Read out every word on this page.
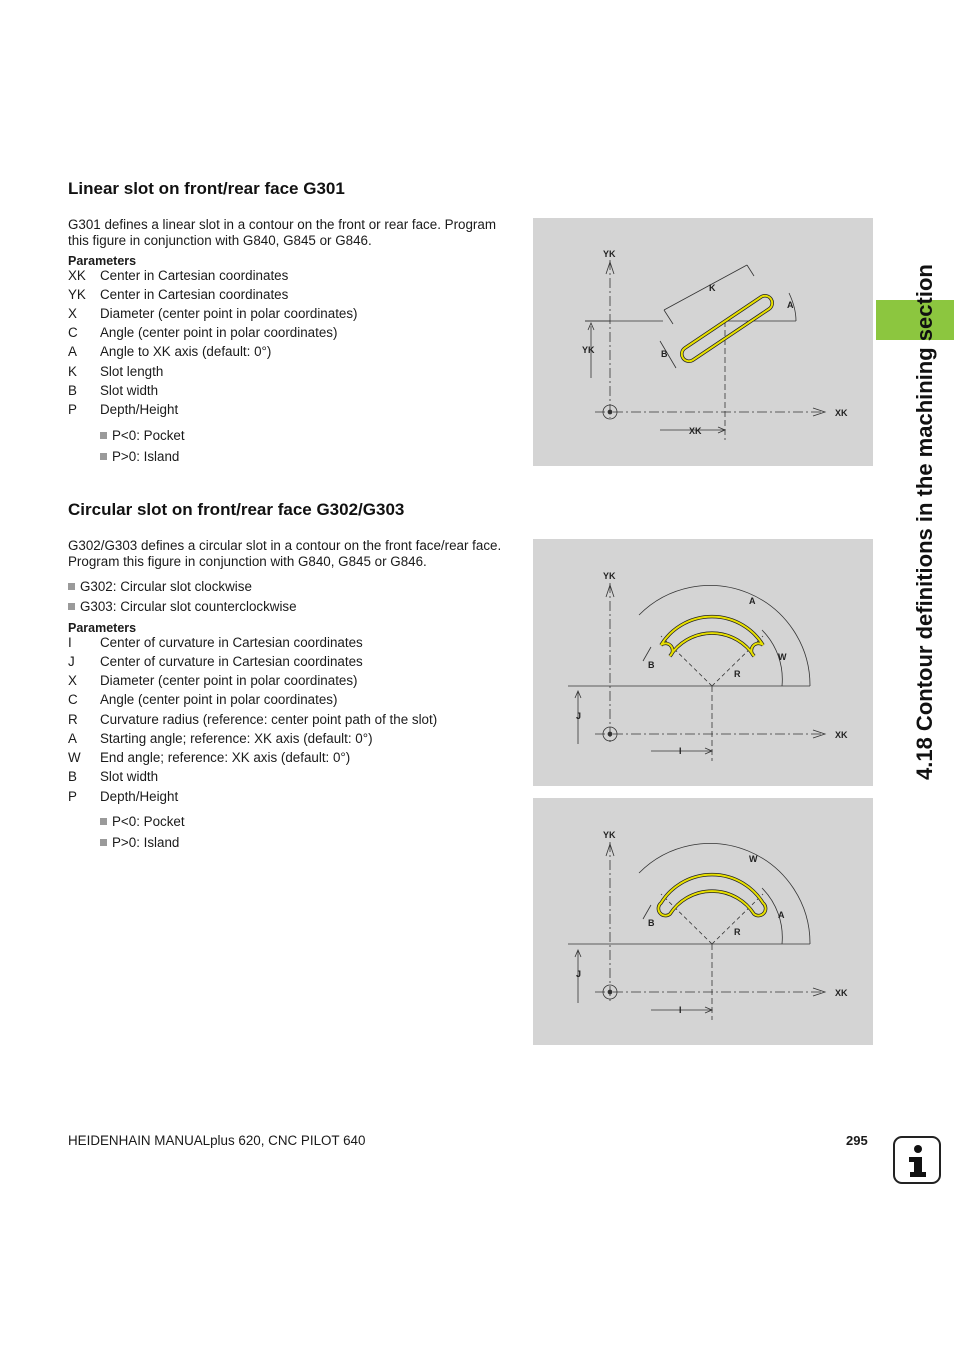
Linear slot on front/rear face G301

G301 defines a linear slot in a contour on the front or rear face. Program this figure in conjunction with G840, G845 or G846.

Parameters
XK Center in Cartesian coordinates
YK Center in Cartesian coordinates
X Diameter (center point in polar coordinates)
C Angle (center point in polar coordinates)
A Angle to XK axis (default: 0°)
K Slot length
B Slot width
P Depth/Height
P<0: Pocket
P>0: Island
YK
XK
YK
XK
K
A
B
Circular slot on front/rear face G302/G303

G302/G303 defines a circular slot in a contour on the front face/rear face. Program this figure in conjunction with G840, G845 or G846.

G302: Circular slot clockwise
G303: Circular slot counterclockwise
Parameters
I Center of curvature in Cartesian coordinates
J Center of curvature in Cartesian coordinates
X Diameter (center point in polar coordinates)
C Angle (center point in polar coordinates)
R Curvature radius (reference: center point path of the slot)
A Starting angle; reference: XK axis (default: 0°)
W End angle; reference: XK axis (default: 0°)
B Slot width
P Depth/Height
P<0: Pocket
P>0: Island
YK
XK
A
W
B
R
J
I
YK
XK
W
A
B
R
J
I
4.18 Contour definitions in the machining section
HEIDENHAIN MANUALplus 620, CNC PILOT 640	295
